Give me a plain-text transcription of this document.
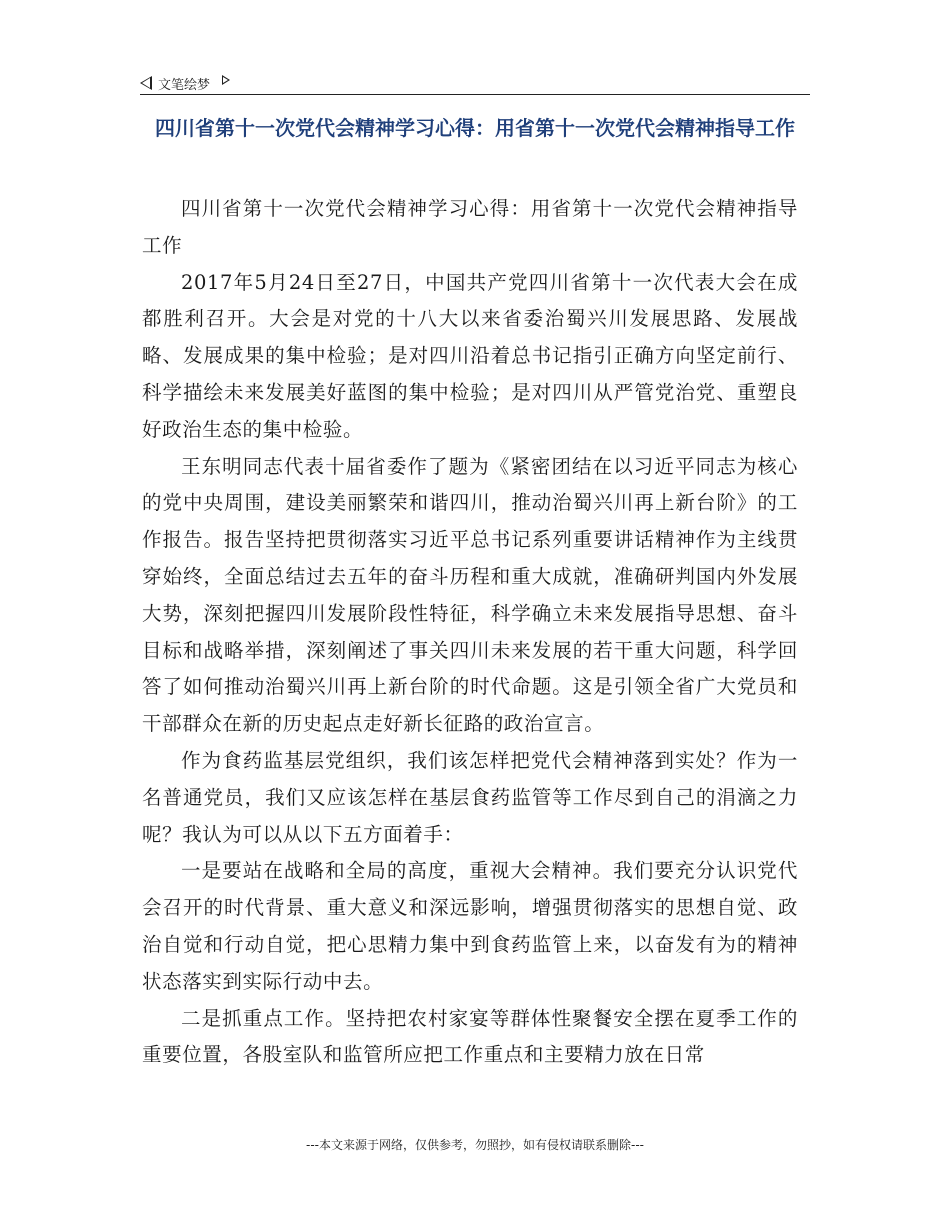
文笔绘梦
四川省第十一次党代会精神学习心得：用省第十一次党代会精神指导工作

四川省第十一次党代会精神学习心得：用省第十一次党代会精神指导工作

2017年5月24日至27日，中国共产党四川省第十一次代表大会在成都胜利召开。大会是对党的十八大以来省委治蜀兴川发展思路、发展战略、发展成果的集中检验；是对四川沿着总书记指引正确方向坚定前行、科学描绘未来发展美好蓝图的集中检验；是对四川从严管党治党、重塑良好政治生态的集中检验。

王东明同志代表十届省委作了题为《紧密团结在以习近平同志为核心的党中央周围，建设美丽繁荣和谐四川，推动治蜀兴川再上新台阶》的工作报告。报告坚持把贯彻落实习近平总书记系列重要讲话精神作为主线贯穿始终，全面总结过去五年的奋斗历程和重大成就，准确研判国内外发展大势，深刻把握四川发展阶段性特征，科学确立未来发展指导思想、奋斗目标和战略举措，深刻阐述了事关四川未来发展的若干重大问题，科学回答了如何推动治蜀兴川再上新台阶的时代命题。这是引领全省广大党员和干部群众在新的历史起点走好新长征路的政治宣言。

作为食药监基层党组织，我们该怎样把党代会精神落到实处？作为一名普通党员，我们又应该怎样在基层食药监管等工作尽到自己的涓滴之力呢？我认为可以从以下五方面着手：

一是要站在战略和全局的高度，重视大会精神。我们要充分认识党代会召开的时代背景、重大意义和深远影响，增强贯彻落实的思想自觉、政治自觉和行动自觉，把心思精力集中到食药监管上来，以奋发有为的精神状态落实到实际行动中去。

二是抓重点工作。坚持把农村家宴等群体性聚餐安全摆在夏季工作的重要位置，各股室队和监管所应把工作重点和主要精力放在日常

---本文来源于网络，仅供参考，勿照抄，如有侵权请联系删除---
